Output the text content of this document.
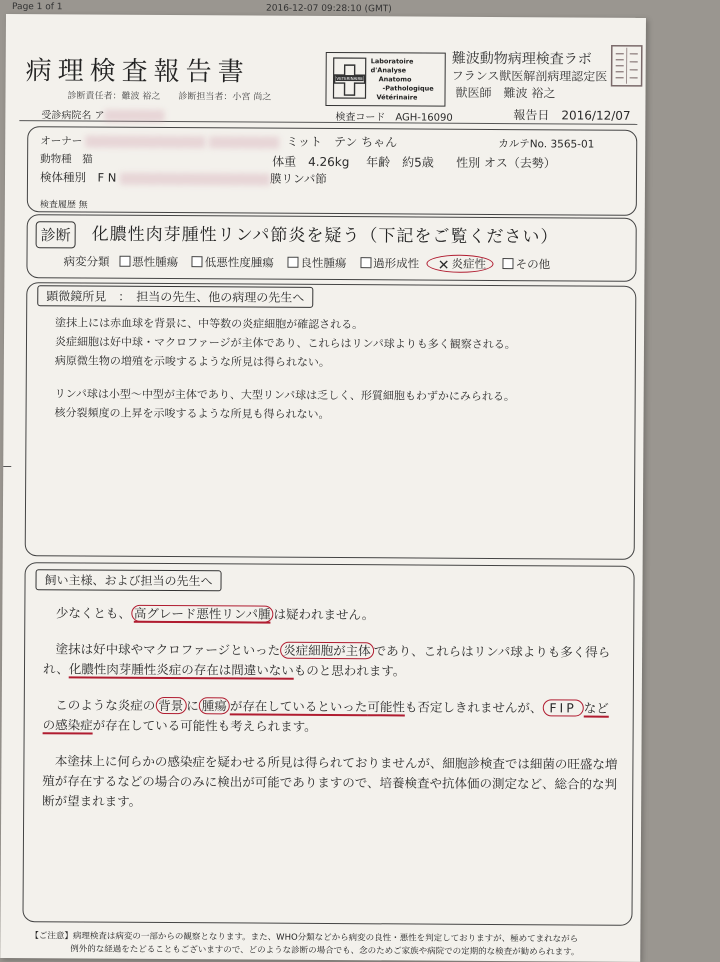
Page 1 of 1	2016-12-07 09:28:10 (GMT)
病理検査報告書
診断責任者：難波 裕之　　診断担当者：小宮 尚之
VETERINAIRE
Laboratoire d'Analyse
Anatomo
-Pathologique
Vétérinaire
難波動物病理検査ラボ
フランス獣医解剖病理認定医
獣医師　難波 裕之
受診病院名 ア	検査コード　AGH-16090	報告日　2016/12/07
オーナー	ミット　テン ちゃん	カルテNo. 3565-01
動物種　猫	体重　4.26kg 年齢　約5歳 性別 オス（去勢）
検体種別　F N	膜リンパ節
検査履歴 無
診断 化膿性肉芽腫性リンパ節炎を疑う（下記をご覧ください）
病変分類 悪性腫瘍 低悪性度腫瘍 良性腫瘍 過形成性 ✕ 炎症性	その他
顕微鏡所見　：　担当の先生、他の病理の先生へ

塗抹上には赤血球を背景に、中等数の炎症細胞が確認される。
炎症細胞は好中球・マクロファージが主体であり、これらはリンパ球よりも多く観察される。
病原微生物の増殖を示唆するような所見は得られない。

リンパ球は小型〜中型が主体であり、大型リンパ球は乏しく、形質細胞もわずかにみられる。
核分裂頻度の上昇を示唆するような所見も得られない。

飼い主様、および担当の先生へ

少なくとも、 高グレード悪性リンパ腫 は疑われません。

塗抹は好中球やマクロファージといった 炎症細胞が主体 であり、これらはリンパ球よりも多く得られ、化膿性肉芽腫性炎症の存在は間違いないものと思われます。

このような炎症の 背景 に 腫瘍 が存在しているといった可能性も否定しきれませんが、 FIP などの感染症が存在している可能性も考えられます。

本塗抹上に何らかの感染症を疑わせる所見は得られておりませんが、細胞診検査では細菌の旺盛な増殖が存在するなどの場合のみに検出が可能でありますので、培養検査や抗体価の測定など、総合的な判断が望まれます。

【ご注意】病理検査は病変の一部からの観察となります。また、WHO分類などから病変の良性・悪性を判定しておりますが、極めてまれながら
例外的な経過をたどることもございますので、どのような診断の場合でも、念のためご家族や病院での定期的な検査が勧められます。
